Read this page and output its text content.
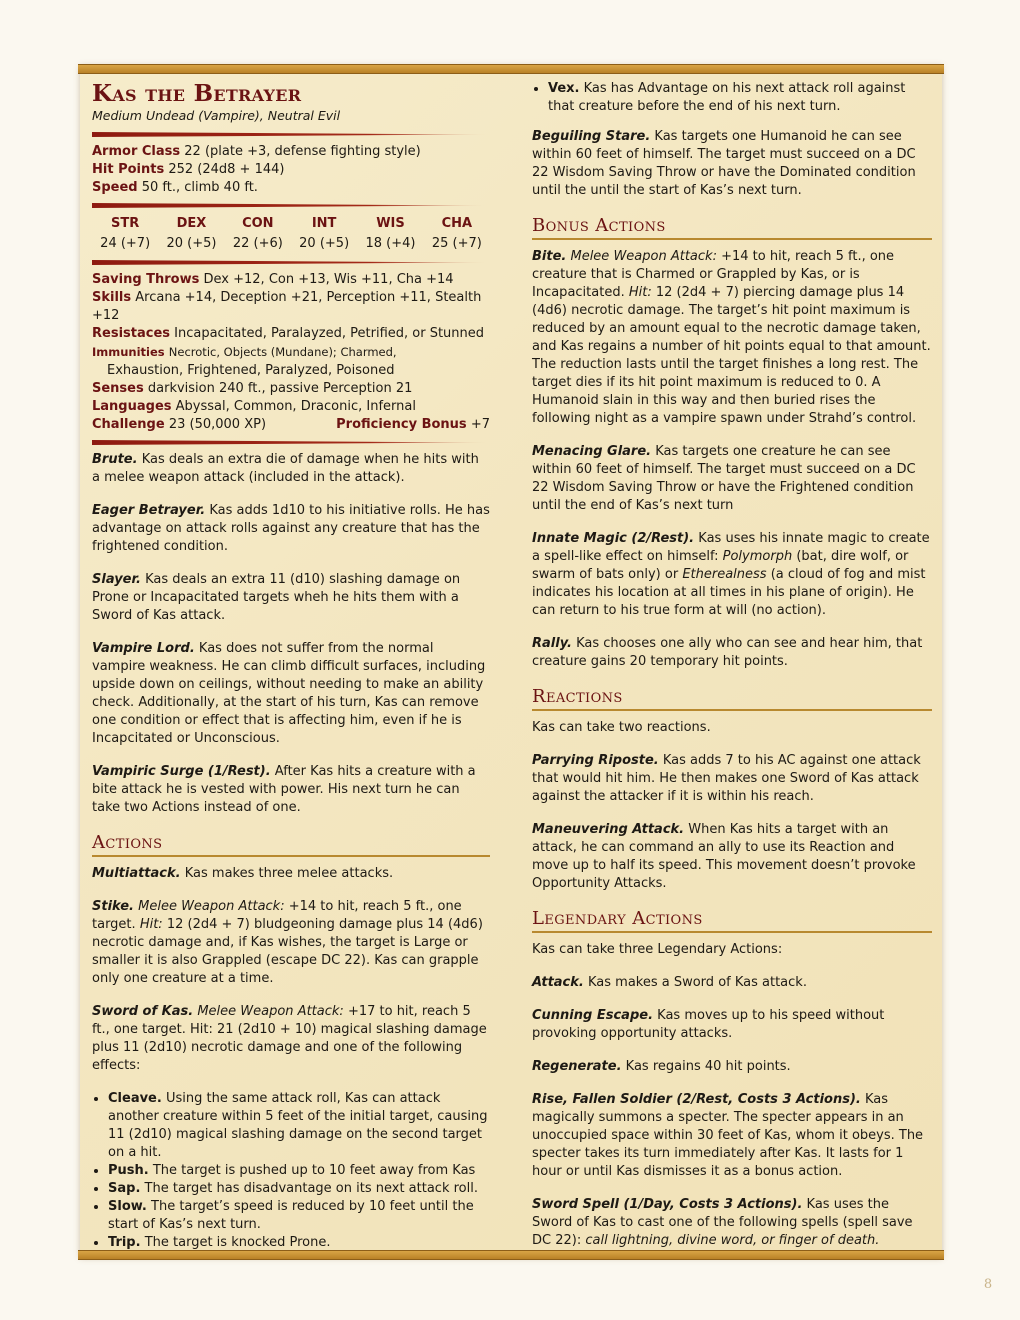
Kas the Betrayer

Medium Undead (Vampire), Neutral Evil

Armor Class 22 (plate +3, defense fighting style)

Hit Points 252 (24d8 + 144)

Speed 50 ft., climb 40 ft.

STR	DEX	CON	INT	WIS	CHA
24 (+7)	20 (+5)	22 (+6)	20 (+5)	18 (+4)	25 (+7)

Saving Throws Dex +12, Con +13, Wis +11, Cha +14

Skills Arcana +14, Deception +21, Perception +11, Stealth +12

Resistaces Incapacitated, Paralayzed, Petrified, or Stunned

Immunities Necrotic, Objects (Mundane); Charmed,
Exhaustion, Frightened, Paralyzed, Poisoned

Senses darkvision 240 ft., passive Perception 21

Languages Abyssal, Common, Draconic, Infernal

Challenge 23 (50,000 XP)	Proficiency Bonus +7

Brute. Kas deals an extra die of damage when he hits with a melee weapon attack (included in the attack).

Eager Betrayer. Kas adds 1d10 to his initiative rolls. He has advantage on attack rolls against any creature that has the frightened condition.

Slayer. Kas deals an extra 11 (d10) slashing damage on Prone or Incapacitated targets wheh he hits them with a Sword of Kas attack.

Vampire Lord. Kas does not suffer from the normal vampire weakness. He can climb difficult surfaces, including upside down on ceilings, without needing to make an ability check. Additionally, at the start of his turn, Kas can remove one condition or effect that is affecting him, even if he is Incapcitated or Unconscious.

Vampiric Surge (1/Rest). After Kas hits a creature with a bite attack he is vested with power. His next turn he can take two Actions instead of one.

Actions

Multiattack. Kas makes three melee attacks.

Stike. Melee Weapon Attack: +14 to hit, reach 5 ft., one target. Hit: 12 (2d4 + 7) bludgeoning damage plus 14 (4d6) necrotic damage and, if Kas wishes, the target is Large or smaller it is also Grappled (escape DC 22). Kas can grapple only one creature at a time.

Sword of Kas. Melee Weapon Attack: +17 to hit, reach 5 ft., one target. Hit: 21 (2d10 + 10) magical slashing damage plus 11 (2d10) necrotic damage and one of the following effects:

• Cleave. Using the same attack roll, Kas can attack another creature within 5 feet of the initial target, causing 11 (2d10) magical slashing damage on the second target on a hit.
• Push. The target is pushed up to 10 feet away from Kas
• Sap. The target has disadvantage on its next attack roll.
• Slow. The target’s speed is reduced by 10 feet until the start of Kas’s next turn.
• Trip. The target is knocked Prone.
• Vex. Kas has Advantage on his next attack roll against that creature before the end of his next turn.

Beguiling Stare. Kas targets one Humanoid he can see within 60 feet of himself. The target must succeed on a DC 22 Wisdom Saving Throw or have the Dominated condition until the until the start of Kas’s next turn.

Bonus Actions

Bite. Melee Weapon Attack: +14 to hit, reach 5 ft., one creature that is Charmed or Grappled by Kas, or is Incapacitated. Hit: 12 (2d4 + 7) piercing damage plus 14 (4d6) necrotic damage. The target’s hit point maximum is reduced by an amount equal to the necrotic damage taken, and Kas regains a number of hit points equal to that amount. The reduction lasts until the target finishes a long rest. The target dies if its hit point maximum is reduced to 0. A Humanoid slain in this way and then buried rises the following night as a vampire spawn under Strahd’s control.

Menacing Glare. Kas targets one creature he can see within 60 feet of himself. The target must succeed on a DC 22 Wisdom Saving Throw or have the Frightened condition until the end of Kas’s next turn

Innate Magic (2/Rest). Kas uses his innate magic to create a spell-like effect on himself: Polymorph (bat, dire wolf, or swarm of bats only) or Etherealness (a cloud of fog and mist indicates his location at all times in his plane of origin). He can return to his true form at will (no action).

Rally. Kas chooses one ally who can see and hear him, that creature gains 20 temporary hit points.

Reactions

Kas can take two reactions.

Parrying Riposte. Kas adds 7 to his AC against one attack that would hit him. He then makes one Sword of Kas attack against the attacker if it is within his reach.

Maneuvering Attack. When Kas hits a target with an attack, he can command an ally to use its Reaction and move up to half its speed. This movement doesn’t provoke Opportunity Attacks.

Legendary Actions

Kas can take three Legendary Actions:

Attack. Kas makes a Sword of Kas attack.

Cunning Escape. Kas moves up to his speed without provoking opportunity attacks.

Regenerate. Kas regains 40 hit points.

Rise, Fallen Soldier (2/Rest, Costs 3 Actions). Kas magically summons a specter. The specter appears in an unoccupied space within 30 feet of Kas, whom it obeys. The specter takes its turn immediately after Kas. It lasts for 1 hour or until Kas dismisses it as a bonus action.

Sword Spell (1/Day, Costs 3 Actions). Kas uses the Sword of Kas to cast one of the following spells (spell save DC 22): call lightning, divine word, or finger of death.

8
